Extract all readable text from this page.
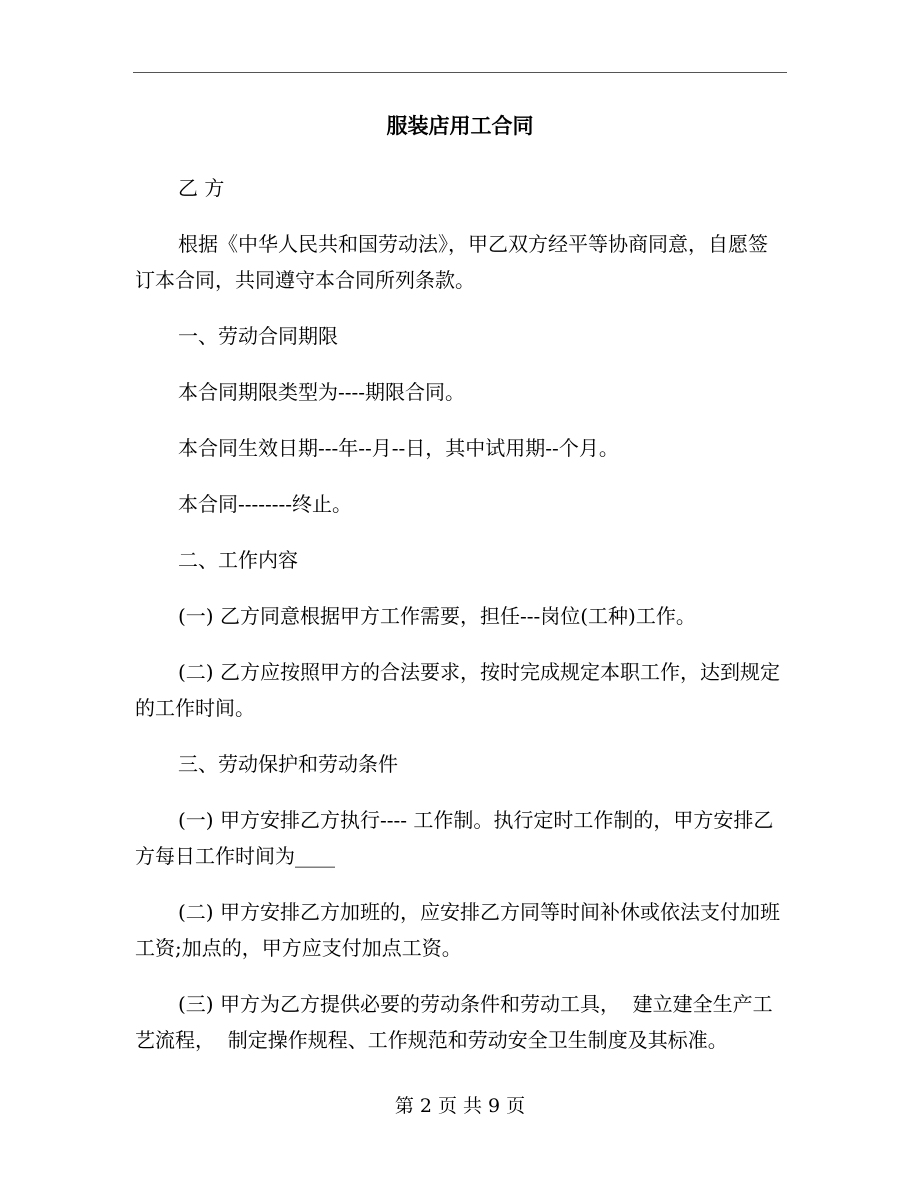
服装店用工合同

乙 方

根据《中华人民共和国劳动法》，甲乙双方经平等协商同意，自愿签订本合同，共同遵守本合同所列条款。

一、劳动合同期限

本合同期限类型为----期限合同。

本合同生效日期---年--月--日，其中试用期--个月。

本合同--------终止。

二、工作内容

(一) 乙方同意根据甲方工作需要，担任---岗位(工种)工作。

(二) 乙方应按照甲方的合法要求，按时完成规定本职工作，达到规定的工作时间。

三、劳动保护和劳动条件

(一) 甲方安排乙方执行---- 工作制。执行定时工作制的，甲方安排乙方每日工作时间为____

(二) 甲方安排乙方加班的，应安排乙方同等时间补休或依法支付加班工资;加点的，甲方应支付加点工资。

(三) 甲方为乙方提供必要的劳动条件和劳动工具，  建立建全生产工艺流程，  制定操作规程、工作规范和劳动安全卫生制度及其标准。

第 2 页 共 9 页
